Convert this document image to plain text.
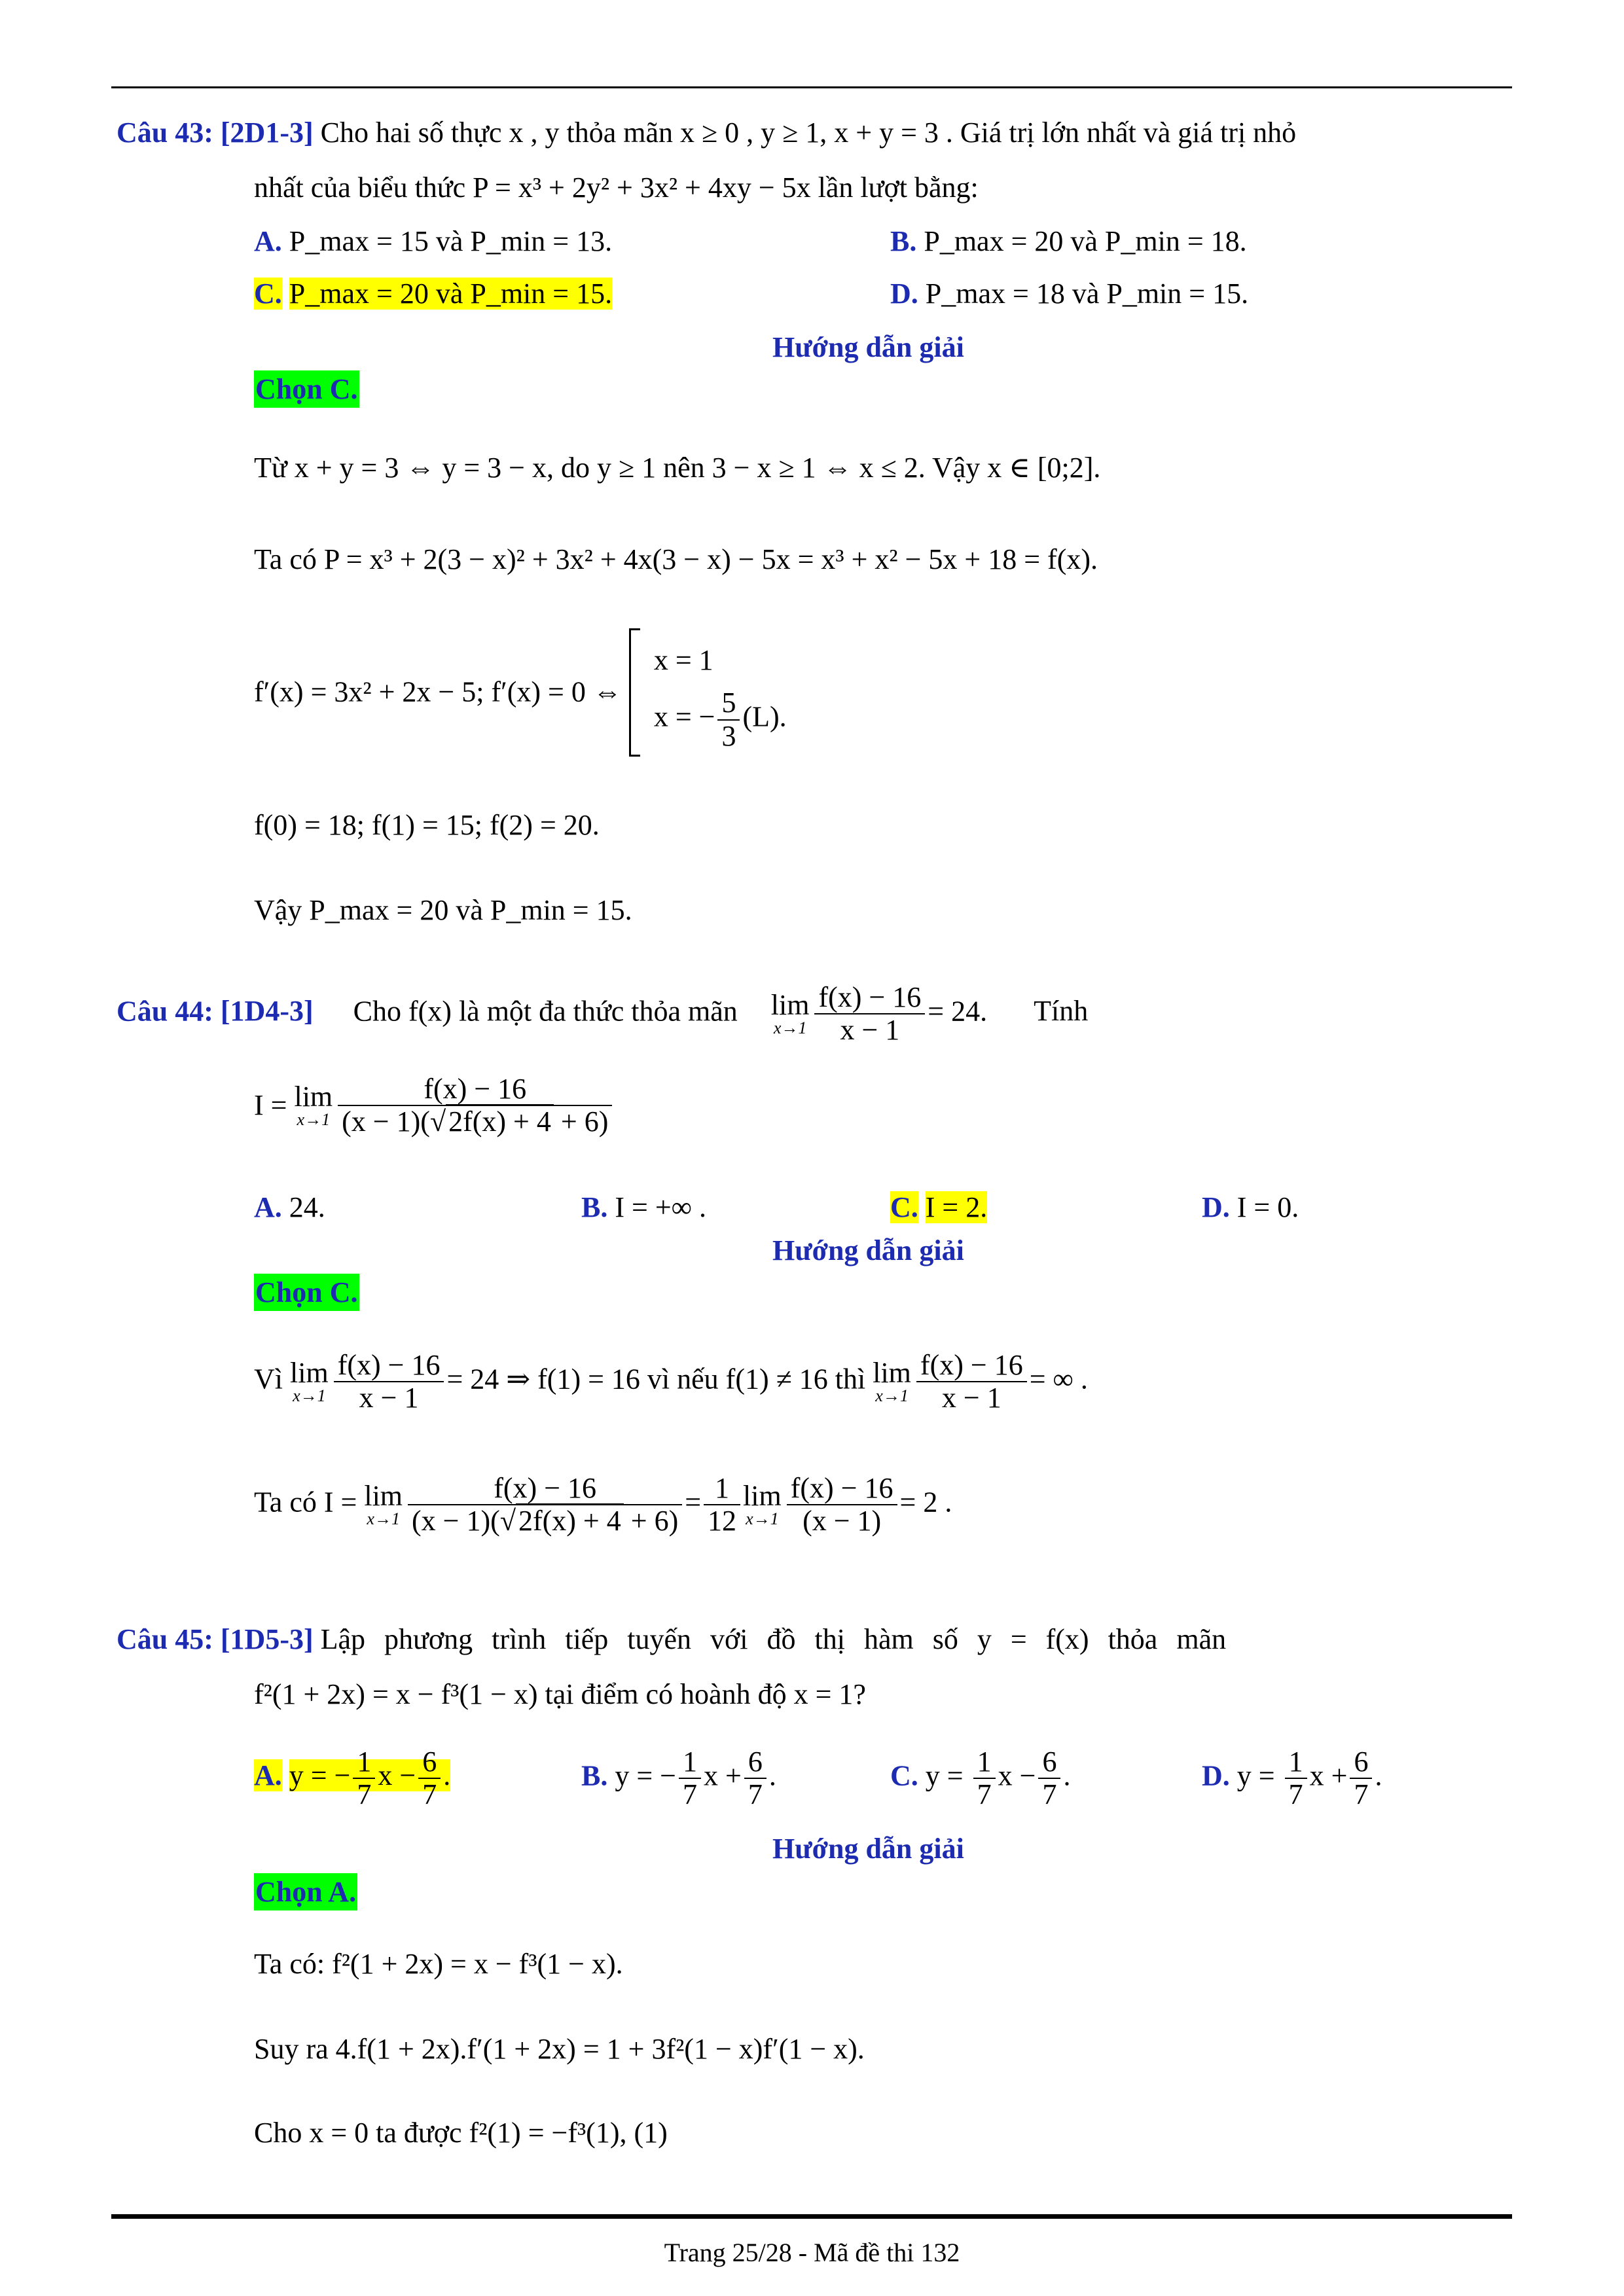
Câu 43: [2D1-3] Cho hai số thực x , y thỏa mãn x ≥ 0 , y ≥ 1, x + y = 3 . Giá trị lớn nhất và giá trị nhỏ
nhất của biểu thức P = x³ + 2y² + 3x² + 4xy − 5x lần lượt bằng:
A. P_max = 15 và P_min = 13.	B. P_max = 20 và P_min = 18.
C. P_max = 20 và P_min = 15.	D. P_max = 18 và P_min = 15.
Hướng dẫn giải
Chọn C.
Từ x + y = 3 ⇔ y = 3 − x, do y ≥ 1 nên 3 − x ≥ 1 ⇔ x ≤ 2. Vậy x ∈ [0;2].
Ta có P = x³ + 2(3 − x)² + 3x² + 4x(3 − x) − 5x = x³ + x² − 5x + 18 = f(x).
f′(x) = 3x² + 2x − 5; f′(x) = 0 ⇔
x = 1
x = − $\frac{5}{3} (L)$.
f(0) = 18; f(1) = 15; f(2) = 20.
Vậy P_max = 20 và P_min = 15.
Câu 44: [1D4-3] Cho f(x) là một đa thức thỏa mãn lim
$x\to 1 \frac{f(x) - 16}{x - 1} = 24$. Tính
I = lim
$x\to 1 \frac{f(x) - 16}{(x - 1)(√2f(x) + 4 + 6)}$
A. 24.	B. I = +∞ .	C. I = 2.	D. I = 0.
Hướng dẫn giải
Chọn C.
Vì lim
$x\to 1 \frac{f(x) - 16}{x - 1} = 24$ ⇒ f(1) = 16 vì nếu f(1) ≠ 16 thì lim
$x\to 1 \frac{f(x) - 16}{x - 1}$ = ∞ .
Ta có I = lim
$x\to 1 \frac{f(x) - 16}{(x - 1)(√2f(x) + 4 + 6)} = \frac{1}{12}$ lim
$x\to 1 \frac{f(x) - 16}{(x - 1)} = 2$ .
Câu 45: [1D5-3] Lập phương trình tiếp tuyến với đồ thị hàm số y = f(x) thỏa mãn
f²(1 + 2x) = x − f³(1 − x) tại điểm có hoành độ x = 1?
A. y = − $\frac{1}{7}$ $x - \frac{6}{7}$ .	B. y = − $\frac{1}{7}$ $x + \frac{6}{7}$ .	C. $y = \frac{1}{7}$ $x - \frac{6}{7}$ .	D. $y = \frac{1}{7}$ $x + \frac{6}{7}$ .
Hướng dẫn giải
Chọn A.
Ta có: f²(1 + 2x) = x − f³(1 − x).
Suy ra 4.f(1 + 2x).f′(1 + 2x) = 1 + 3f²(1 − x)f′(1 − x).
Cho x = 0 ta được f²(1) = −f³(1), (1)
Trang 25/28 - Mã đề thi 132
